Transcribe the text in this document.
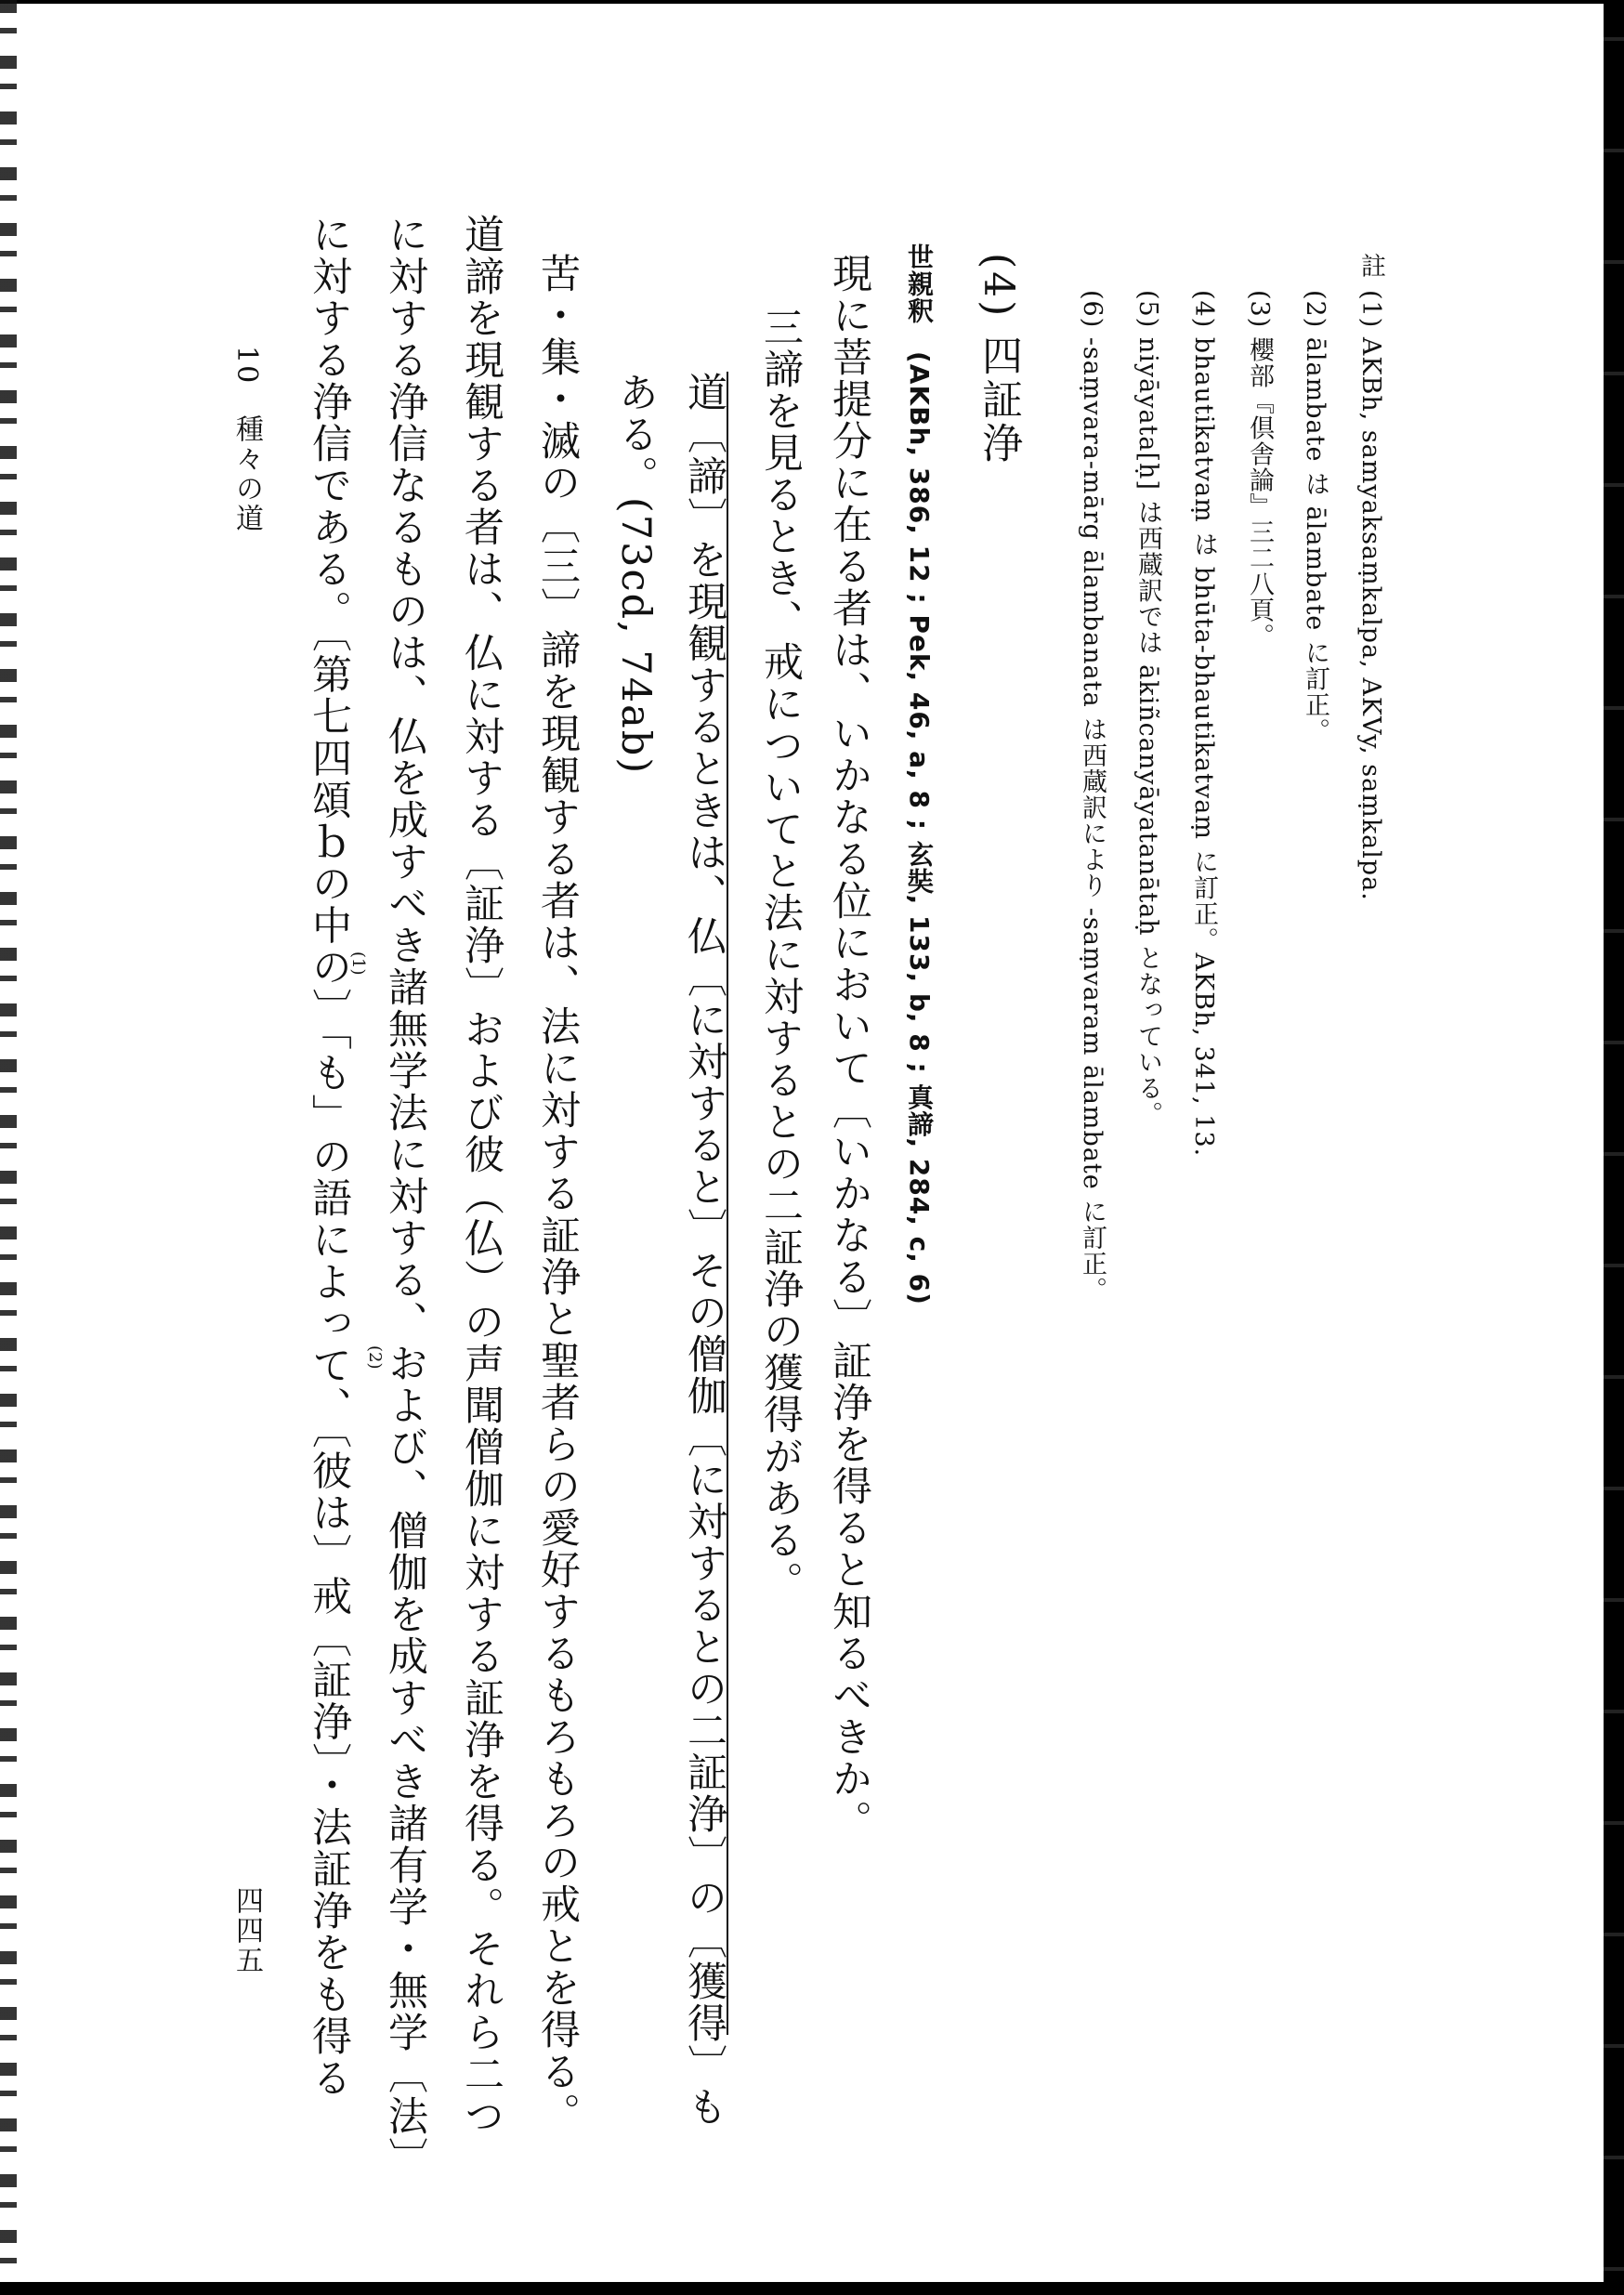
註

(1) AKBh, samyaksaṃkalpa, AKVy, saṃkalpa.

(2) ālambate は ālambate に訂正。

(3) 櫻部『倶舎論』三二八頁。

(4) bhautikatvaṃ は bhūta-bhautikatvaṃ に訂正。AKBh, 341, 13.

(5) niyāyata[ḥ] は西蔵訳では ākiñcanyāyatanātaḥ となっている。

(6) -saṃvara-mārg ālambanata は西蔵訳により -saṃvaram ālambate に訂正。

(4)

四証浄

世親釈　(AKBh, 386, 12 ; Pek, 46, a, 8 ; 玄奘, 133, b, 8 ; 真諦, 284, c, 6)

現に菩提分に在る者は、いかなる位において〔いかなる〕証浄を得ると知るべきか。

三諦を見るとき、戒についてと法に対するとの二証浄の獲得がある。

道〔諦〕を現観するときは、仏〔に対すると〕その僧伽〔に対するとの二証浄〕の〔獲得〕も

ある。(73cd, 74ab)

苦・集・滅の〔三〕諦を現観する者は、法に対する証浄と聖者らの愛好するもろもろの戒とを得る。

道諦を現観する者は、仏に対する〔証浄〕および彼（仏）の声聞僧伽に対する証浄を得る。それら二つ

に対する浄信なるものは、仏を成すべき諸無学法に対する、および、僧伽を成すべき諸有学・無学〔法〕

に対する浄信である。〔第七四頌ｂの中の〕「も」の語によって、〔彼は〕戒〔証浄〕・法証浄をも得る

(1)
(2)

10　種々の道

四四五
